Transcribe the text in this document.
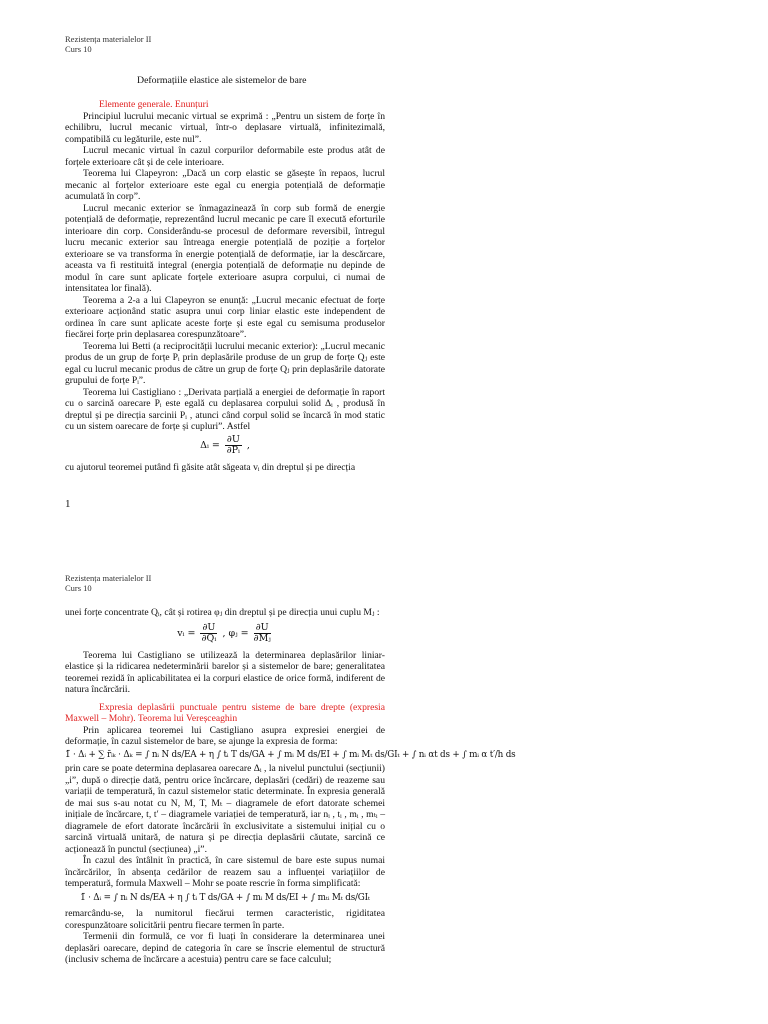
Rezistența materialelor II
Curs 10
Deformațiile elastice ale sistemelor de bare

Elemente generale. Enunțuri

Principiul lucrului mecanic virtual se exprimă : „Pentru un sistem de forțe în echilibru, lucrul mecanic virtual, într-o deplasare virtuală, infinitezimală, compatibilă cu legăturile, este nul”.

Lucrul mecanic virtual în cazul corpurilor deformabile este produs atât de forțele exterioare cât și de cele interioare.

Teorema lui Clapeyron: „Dacă un corp elastic se găsește în repaos, lucrul mecanic al forțelor exterioare este egal cu energia potențială de deformație acumulată în corp”.

Lucrul mecanic exterior se înmagazinează în corp sub formă de energie potențială de deformație, reprezentând lucrul mecanic pe care îl execută eforturile interioare din corp. Considerându-se procesul de deformare reversibil, întregul lucru mecanic exterior sau întreaga energie potențială de poziție a forțelor exterioare se va transforma în energie potențială de deformație, iar la descărcare, aceasta va fi restituită integral (energia potențială de deformație nu depinde de modul în care sunt aplicate forțele exterioare asupra corpului, ci numai de intensitatea lor finală).

Teorema a 2-a a lui Clapeyron se enunță: „Lucrul mecanic efectuat de forțe exterioare acționând static asupra unui corp liniar elastic este independent de ordinea în care sunt aplicate aceste forțe și este egal cu semisuma produselor fiecărei forțe prin deplasarea corespunzătoare”.

Teorema lui Betti (a reciprocității lucrului mecanic exterior): „Lucrul mecanic produs de un grup de forțe Pᵢ prin deplasările produse de un grup de forțe Qⱼ este egal cu lucrul mecanic produs de către un grup de forțe Qⱼ prin deplasările datorate grupului de forțe Pᵢ”.

Teorema lui Castigliano : „Derivata parțială a energiei de deformație în raport cu o sarcină oarecare Pᵢ este egală cu deplasarea corpului solid Δᵢ , produsă în dreptul și pe direcția sarcinii Pᵢ , atunci când corpul solid se încarcă în mod static cu un sistem oarecare de forțe și cupluri”. Astfel

Δᵢ = $\frac{\partial U}{\text{∂Pᵢ}}$ ,

cu ajutorul teoremei putând fi găsite atât săgeata vᵢ din dreptul și pe direcția

1
Rezistența materialelor II
Curs 10

unei forțe concentrate Qᵢ, cât și rotirea φⱼ din dreptul și pe direcția unui cuplu Mⱼ :

vᵢ = $\frac{\partial U}{\text{∂Qᵢ}}$ , φⱼ = $\frac{\partial U}{\text{∂Mⱼ}}$

Teorema lui Castigliano se utilizează la determinarea deplasărilor liniar-elastice și la ridicarea nedeterminării barelor și a sistemelor de bare; generalitatea teoremei rezidă în aplicabilitatea ei la corpuri elastice de orice formă, indiferent de natura încărcării.

Expresia deplasării punctuale pentru sisteme de bare drepte (expresia Maxwell – Mohr). Teorema lui Vereșceaghin

Prin aplicarea teoremei lui Castigliano asupra expresiei energiei de deformație, în cazul sistemelor de bare, se ajunge la expresia de forma:

1̄ · Δᵢ + ∑ r̄ᵢₖ · Δₖ = ∫ nᵢ N ds/EA + η ∫ tᵢ T ds/GA + ∫ mᵢ M ds/EI + ∫ mᵢ Mₜ ds/GIₜ + ∫ nᵢ αt ds + ∫ mᵢ α t′/h ds

prin care se poate determina deplasarea oarecare Δᵢ , la nivelul punctului (secțiunii) „i”, după o direcție dată, pentru orice încărcare, deplasări (cedări) de reazeme sau variații de temperatură, în cazul sistemelor static determinate. În expresia generală de mai sus s-au notat cu N, M, T, Mₜ – diagramele de efort datorate schemei inițiale de încărcare, t, t′ – diagramele variației de temperatură, iar nᵢ , tᵢ , mᵢ , mₜᵢ – diagramele de efort datorate încărcării în exclusivitate a sistemului inițial cu o sarcină virtuală unitară, de natura și pe direcția deplasării căutate, sarcină ce acționează în punctul (secțiunea) „i”.

În cazul des întâlnit în practică, în care sistemul de bare este supus numai încărcărilor, în absența cedărilor de reazem sau a influenței variațiilor de temperatură, formula Maxwell – Mohr se poate rescrie în forma simplificată:

1̄ · Δᵢ = ∫ nᵢ N ds/EA + η ∫ tᵢ T ds/GA + ∫ mᵢ M ds/EI + ∫ mₜᵢ Mₜ ds/GIₜ

remarcându-se, la numitorul fiecărui termen caracteristic, rigiditatea corespunzătoare solicitării pentru fiecare termen în parte.

Termenii din formulă, ce vor fi luați în considerare la determinarea unei deplasări oarecare, depind de categoria în care se înscrie elementul de structură (inclusiv schema de încărcare a acestuia) pentru care se face calculul;
